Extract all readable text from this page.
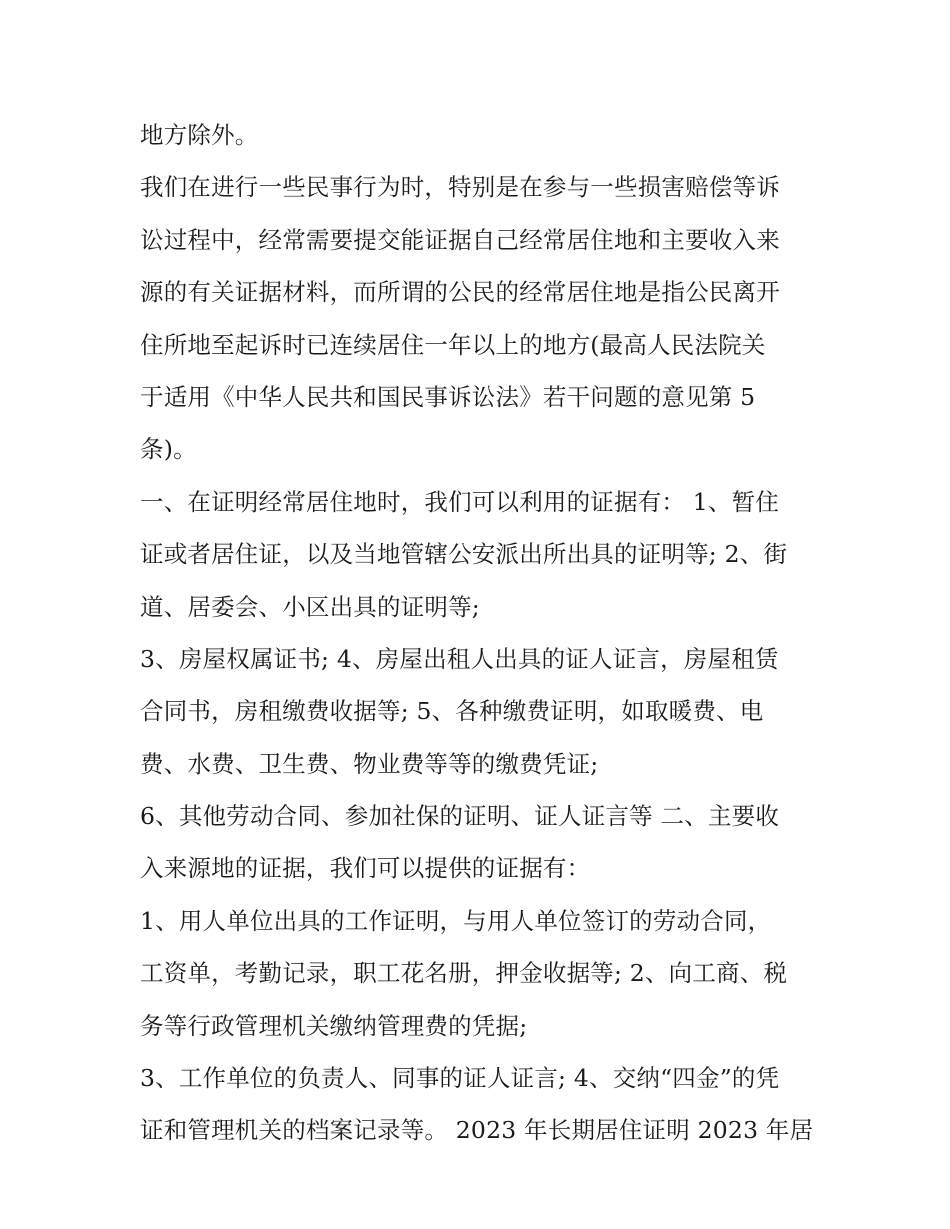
地方除外。
我们在进行一些民事行为时，特别是在参与一些损害赔偿等诉
讼过程中，经常需要提交能证据自己经常居住地和主要收入来
源的有关证据材料，而所谓的公民的经常居住地是指公民离开
住所地至起诉时已连续居住一年以上的地方(最高人民法院关
于适用《中华人民共和国民事诉讼法》若干问题的意见第 5
条)。
一、在证明经常居住地时，我们可以利用的证据有： 1、暂住
证或者居住证，以及当地管辖公安派出所出具的证明等; 2、街
道、居委会、小区出具的证明等;
3、房屋权属证书; 4、房屋出租人出具的证人证言，房屋租赁
合同书，房租缴费收据等; 5、各种缴费证明，如取暖费、电
费、水费、卫生费、物业费等等的缴费凭证;
6、其他劳动合同、参加社保的证明、证人证言等 二、主要收
入来源地的证据，我们可以提供的证据有：
1、用人单位出具的工作证明，与用人单位签订的劳动合同，
工资单，考勤记录，职工花名册，押金收据等; 2、向工商、税
务等行政管理机关缴纳管理费的凭据;
3、工作单位的负责人、同事的证人证言; 4、交纳“四金”的凭
证和管理机关的档案记录等。 2023 年长期居住证明 2023 年居
